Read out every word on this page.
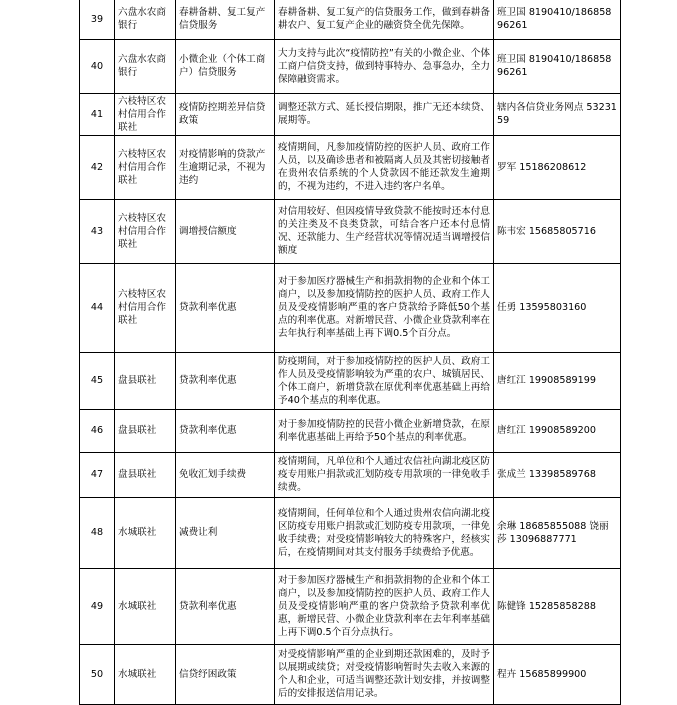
39	六盘水农商银行	春耕备耕、复工复产信贷服务	春耕备耕、复工复产的信贷服务工作，做到春耕备耕农户、复工复产企业的融资贷全优先保障。	班卫国 8190410/18685896261
40	六盘水农商银行	小微企业（个体工商户）信贷服务	大力支持与此次“疫情防控”有关的小微企业、个体工商户信贷支持，做到特事特办、急事急办，全力保障融资需求。	班卫国 8190410/18685896261
41	六枝特区农村信用合作联社	疫情防控期差异信贷政策	调整还款方式、延长授信期限，推广无还本续贷、展期等。	辖内各信贷业务网点 5323159
42	六枝特区农村信用合作联社	对疫情影响的贷款产生逾期记录，不视为违约	疫情期间，凡参加疫情防控的医护人员、政府工作人员，以及确诊患者和被隔离人员及其密切接触者在贵州农信系统的个人贷款因不能还款发生逾期的，不视为违约，不进入违约客户名单。	罗军 15186208612
43	六枝特区农村信用合作联社	调增授信额度	对信用较好、但因疫情导致贷款不能按时还本付息的关注类及不良类贷款，可结合客户还本付息情况、还款能力、生产经营状况等情况适当调增授信额度	陈韦宏 15685805716
44	六枝特区农村信用合作联社	贷款利率优惠	对于参加医疗器械生产和捐款捐物的企业和个体工商户，以及参加疫情防控的医护人员、政府工作人员及受疫情影响严重的客户贷款给予降低50个基点的利率优惠。对新增民营、小微企业贷款利率在去年执行利率基础上再下调0.5个百分点。	任勇 13595803160
45	盘县联社	贷款利率优惠	防疫期间，对于参加疫情防控的医护人员、政府工作人员及受疫情影响较为严重的农户、城镇居民、个体工商户，新增贷款在原优利率优惠基础上再给予40个基点的利率优惠。	唐红江 19908589199
46	盘县联社	贷款利率优惠	对于参加疫情防控的民营小微企业新增贷款，在原利率优惠基础上再给予50个基点的利率优惠。	唐红江 19908589200
47	盘县联社	免收汇划手续费	疫情期间，凡单位和个人通过农信社向湖北疫区防疫专用账户捐款或汇划防疫专用款项的一律免收手续费。	张成兰 13398589768
48	水城联社	减费让利	疫情期间，任何单位和个人通过贵州农信向湖北疫区防疫专用账户捐款或汇划防疫专用款项，一律免收手续费；对受疫情影响较大的特殊客户，经核实后，在疫情期间对其支付服务手续费给予优惠。	余琳 18685855088 饶丽莎 13096887771
49	水城联社	贷款利率优惠	对于参加医疗器械生产和捐款捐物的企业和个体工商户，以及参加疫情防控的医护人员、政府工作人员及受疫情影响严重的客户贷款给予贷款利率优惠，新增民营、小微企业贷款利率在去年利率基础上再下调0.5个百分点执行。	陈健锋 15285858288
50	水城联社	信贷纾困政策	对受疫情影响严重的企业到期还款困难的，及时予以展期或续贷；对受疫情影响暂时失去收入来源的个人和企业，可适当调整还款计划安排，并按调整后的安排报送信用记录。	程卉 15685899900
